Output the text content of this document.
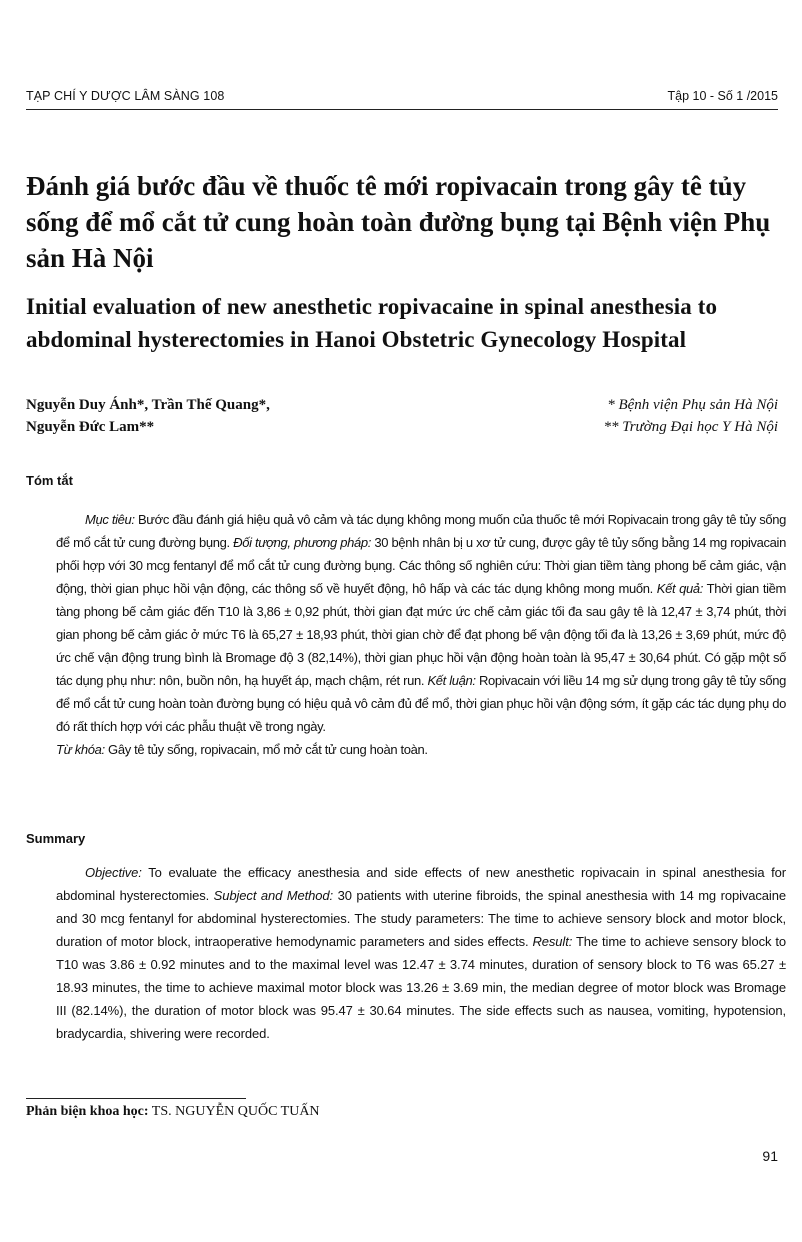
TẠP CHÍ Y DƯỢC LÂM SÀNG 108	Tập 10 - Số 1 /2015
Đánh giá bước đầu về thuốc tê mới ropivacain trong gây tê tủy sống để mổ cắt tử cung hoàn toàn đường bụng tại Bệnh viện Phụ sản Hà Nội
Initial evaluation of new anesthetic ropivacaine in spinal anesthesia to abdominal hysterectomies in Hanoi Obstetric Gynecology Hospital
Nguyễn Duy Ánh*, Trần Thế Quang*,
Nguyễn Đức Lam**
* Bệnh viện Phụ sản Hà Nội
** Trường Đại học Y Hà Nội
Tóm tắt

Mục tiêu: Bước đầu đánh giá hiệu quả vô cảm và tác dụng không mong muốn của thuốc tê mới Ropivacain trong gây tê tủy sống để mổ cắt tử cung đường bụng. Đối tượng, phương pháp: 30 bệnh nhân bị u xơ tử cung, được gây tê tủy sống bằng 14 mg ropivacain phối hợp với 30 mcg fentanyl để mổ cắt tử cung đường bụng. Các thông số nghiên cứu: Thời gian tiềm tàng phong bế cảm giác, vận động, thời gian phục hồi vận động, các thông số về huyết động, hô hấp và các tác dụng không mong muốn. Kết quả: Thời gian tiềm tàng phong bế cảm giác đến T10 là 3,86 ± 0,92 phút, thời gian đạt mức ức chế cảm giác tối đa sau gây tê là 12,47 ± 3,74 phút, thời gian phong bế cảm giác ở mức T6 là 65,27 ± 18,93 phút, thời gian chờ để đạt phong bế vận động tối đa là 13,26 ± 3,69 phút, mức độ ức chế vận động trung bình là Bromage độ 3 (82,14%), thời gian phục hồi vận động hoàn toàn là 95,47 ± 30,64 phút. Có gặp một số tác dụng phụ như: nôn, buồn nôn, hạ huyết áp, mạch chậm, rét run. Kết luận: Ropivacain với liều 14 mg sử dụng trong gây tê tủy sống để mổ cắt tử cung hoàn toàn đường bụng có hiệu quả vô cảm đủ để mổ, thời gian phục hồi vận động sớm, ít gặp các tác dụng phụ do đó rất thích hợp với các phẫu thuật về trong ngày.

Từ khóa: Gây tê tủy sống, ropivacain, mổ mở cắt tử cung hoàn toàn.

Summary

Objective: To evaluate the efficacy anesthesia and side effects of new anesthetic ropivacain in spinal anesthesia for abdominal hysterectomies. Subject and Method: 30 patients with uterine fibroids, the spinal anesthesia with 14 mg ropivacaine and 30 mcg fentanyl for abdominal hysterectomies. The study parameters: The time to achieve sensory block and motor block, duration of motor block, intraoperative hemodynamic parameters and sides effects. Result: The time to achieve sensory block to T10 was 3.86 ± 0.92 minutes and to the maximal level was 12.47 ± 3.74 minutes, duration of sensory block to T6 was 65.27 ± 18.93 minutes, the time to achieve maximal motor block was 13.26 ± 3.69 min, the median degree of motor block was Bromage III (82.14%), the duration of motor block was 95.47 ± 30.64 minutes. The side effects such as nausea, vomiting, hypotension, bradycardia, shivering were recorded.

Phản biện khoa học: TS. NGUYỄN QUỐC TUẤN
91
